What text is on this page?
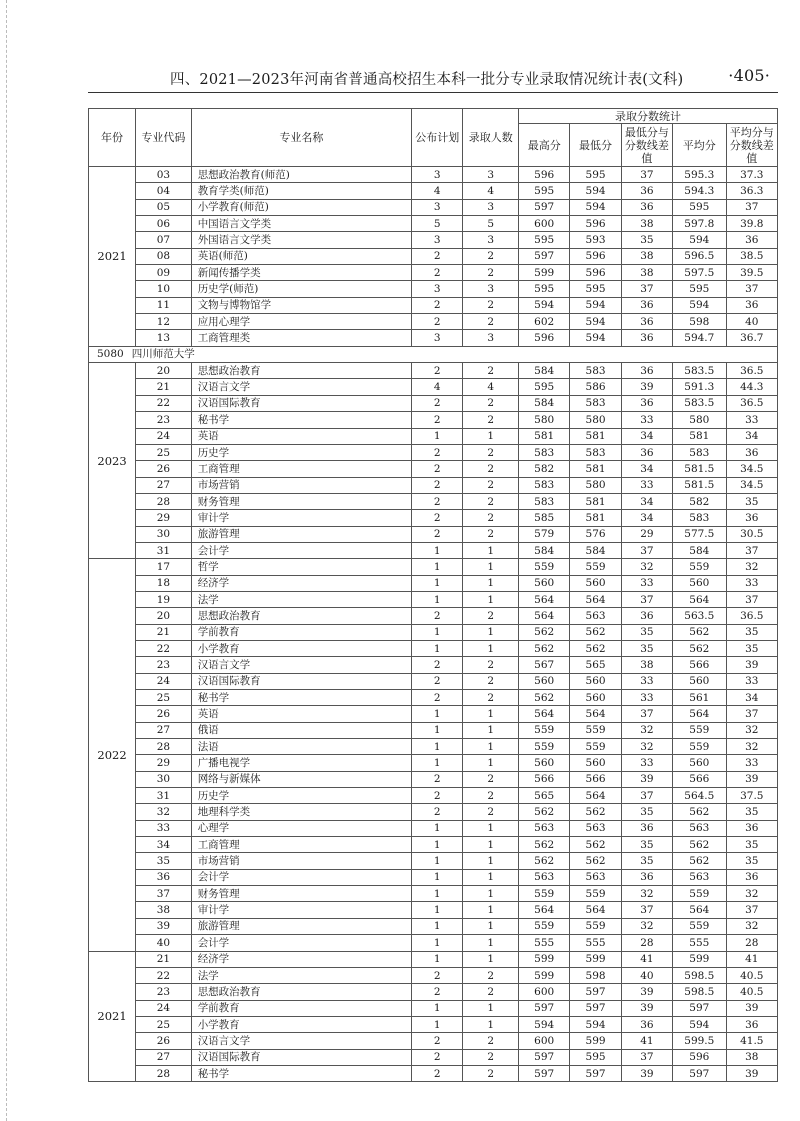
四、2021—2023年河南省普通高校招生本科一批分专业录取情况统计表(文科)	·405·
年份	专业代码	专业名称	公布计划	录取人数	录取分数统计				
					最高分	最低分	最低分与分数线差值	平均分	平均分与分数线差值
2021	03	思想政治教育(师范)	3	3	596	595	37	595.3	37.3
	04	教育学类(师范)	4	4	595	594	36	594.3	36.3
	05	小学教育(师范)	3	3	597	594	36	595	37
	06	中国语言文学类	5	5	600	596	38	597.8	39.8
	07	外国语言文学类	3	3	595	593	35	594	36
	08	英语(师范)	2	2	597	596	38	596.5	38.5
	09	新闻传播学类	2	2	599	596	38	597.5	39.5
	10	历史学(师范)	3	3	595	595	37	595	37
	11	文物与博物馆学	2	2	594	594	36	594	36
	12	应用心理学	2	2	602	594	36	598	40
	13	工商管理类	3	3	596	594	36	594.7	36.7
5080 四川师范大学									
2023	20	思想政治教育	2	2	584	583	36	583.5	36.5
	21	汉语言文学	4	4	595	586	39	591.3	44.3
	22	汉语国际教育	2	2	584	583	36	583.5	36.5
	23	秘书学	2	2	580	580	33	580	33
	24	英语	1	1	581	581	34	581	34
	25	历史学	2	2	583	583	36	583	36
	26	工商管理	2	2	582	581	34	581.5	34.5
	27	市场营销	2	2	583	580	33	581.5	34.5
	28	财务管理	2	2	583	581	34	582	35
	29	审计学	2	2	585	581	34	583	36
	30	旅游管理	2	2	579	576	29	577.5	30.5
	31	会计学	1	1	584	584	37	584	37
2022	17	哲学	1	1	559	559	32	559	32
	18	经济学	1	1	560	560	33	560	33
	19	法学	1	1	564	564	37	564	37
	20	思想政治教育	2	2	564	563	36	563.5	36.5
	21	学前教育	1	1	562	562	35	562	35
	22	小学教育	1	1	562	562	35	562	35
	23	汉语言文学	2	2	567	565	38	566	39
	24	汉语国际教育	2	2	560	560	33	560	33
	25	秘书学	2	2	562	560	33	561	34
	26	英语	1	1	564	564	37	564	37
	27	俄语	1	1	559	559	32	559	32
	28	法语	1	1	559	559	32	559	32
	29	广播电视学	1	1	560	560	33	560	33
	30	网络与新媒体	2	2	566	566	39	566	39
	31	历史学	2	2	565	564	37	564.5	37.5
	32	地理科学类	2	2	562	562	35	562	35
	33	心理学	1	1	563	563	36	563	36
	34	工商管理	1	1	562	562	35	562	35
	35	市场营销	1	1	562	562	35	562	35
	36	会计学	1	1	563	563	36	563	36
	37	财务管理	1	1	559	559	32	559	32
	38	审计学	1	1	564	564	37	564	37
	39	旅游管理	1	1	559	559	32	559	32
	40	会计学	1	1	555	555	28	555	28
2021	21	经济学	1	1	599	599	41	599	41
	22	法学	2	2	599	598	40	598.5	40.5
	23	思想政治教育	2	2	600	597	39	598.5	40.5
	24	学前教育	1	1	597	597	39	597	39
	25	小学教育	1	1	594	594	36	594	36
	26	汉语言文学	2	2	600	599	41	599.5	41.5
	27	汉语国际教育	2	2	597	595	37	596	38
	28	秘书学	2	2	597	597	39	597	39
